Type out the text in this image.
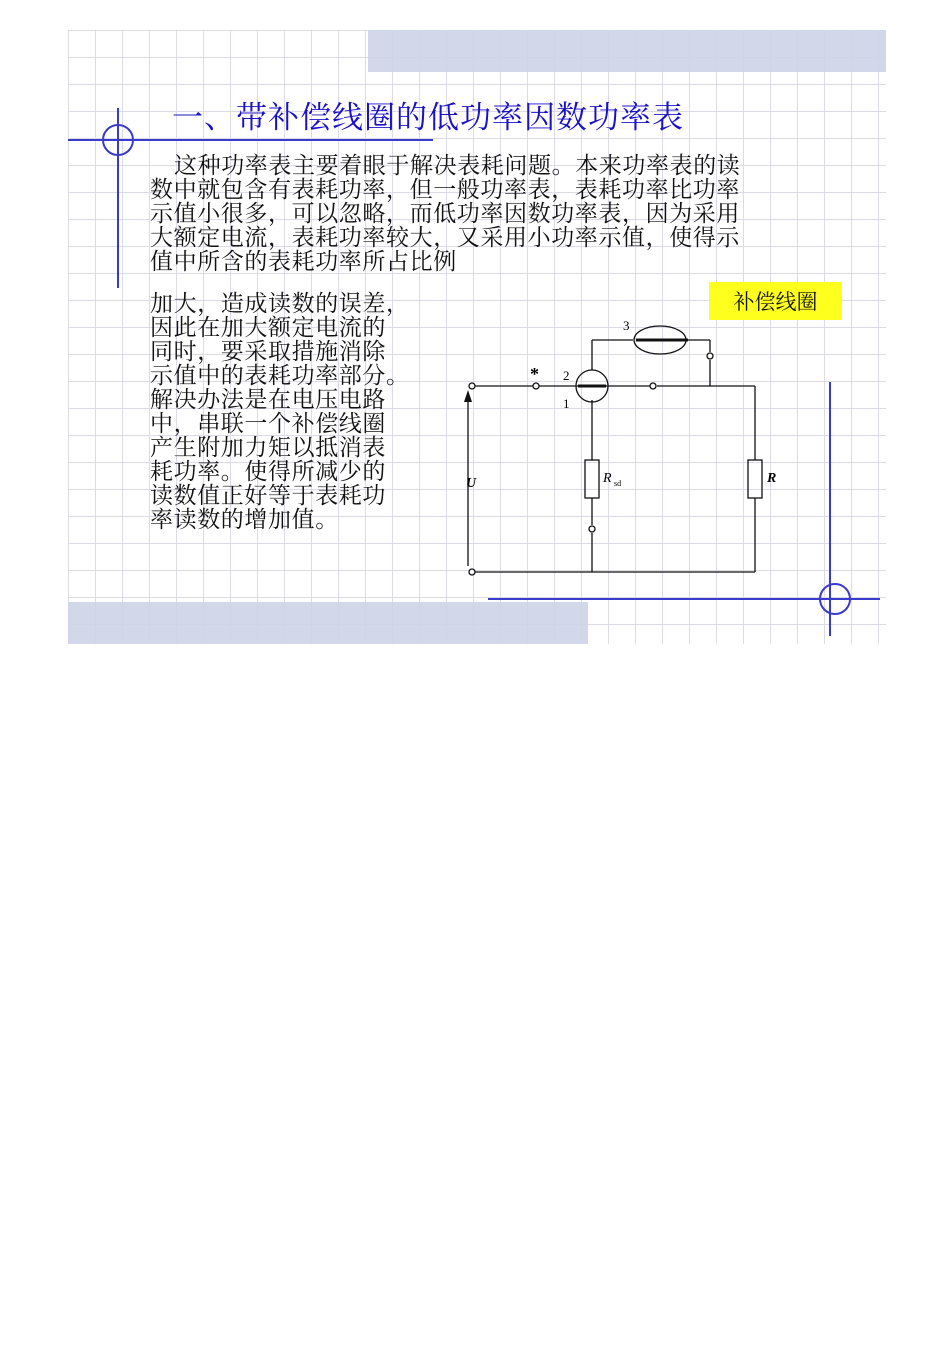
一、带补偿线圈的低功率因数功率表
这种功率表主要着眼于解决表耗问题。本来功率表的读
数中就包含有表耗功率，但一般功率表，表耗功率比功率
示值小很多，可以忽略，而低功率因数功率表，因为采用
大额定电流，表耗功率较大，又采用小功率示值，使得示
值中所含的表耗功率所占比例
加大，造成读数的误差，
因此在加大额定电流的
同时，要采取措施消除
示值中的表耗功率部分。
解决办法是在电压电路
中，串联一个补偿线圈
产生附加力矩以抵消表
耗功率。使得所减少的
读数值正好等于表耗功
率读数的增加值。
补偿线圈
* 2
1
3
U	R sd	R
